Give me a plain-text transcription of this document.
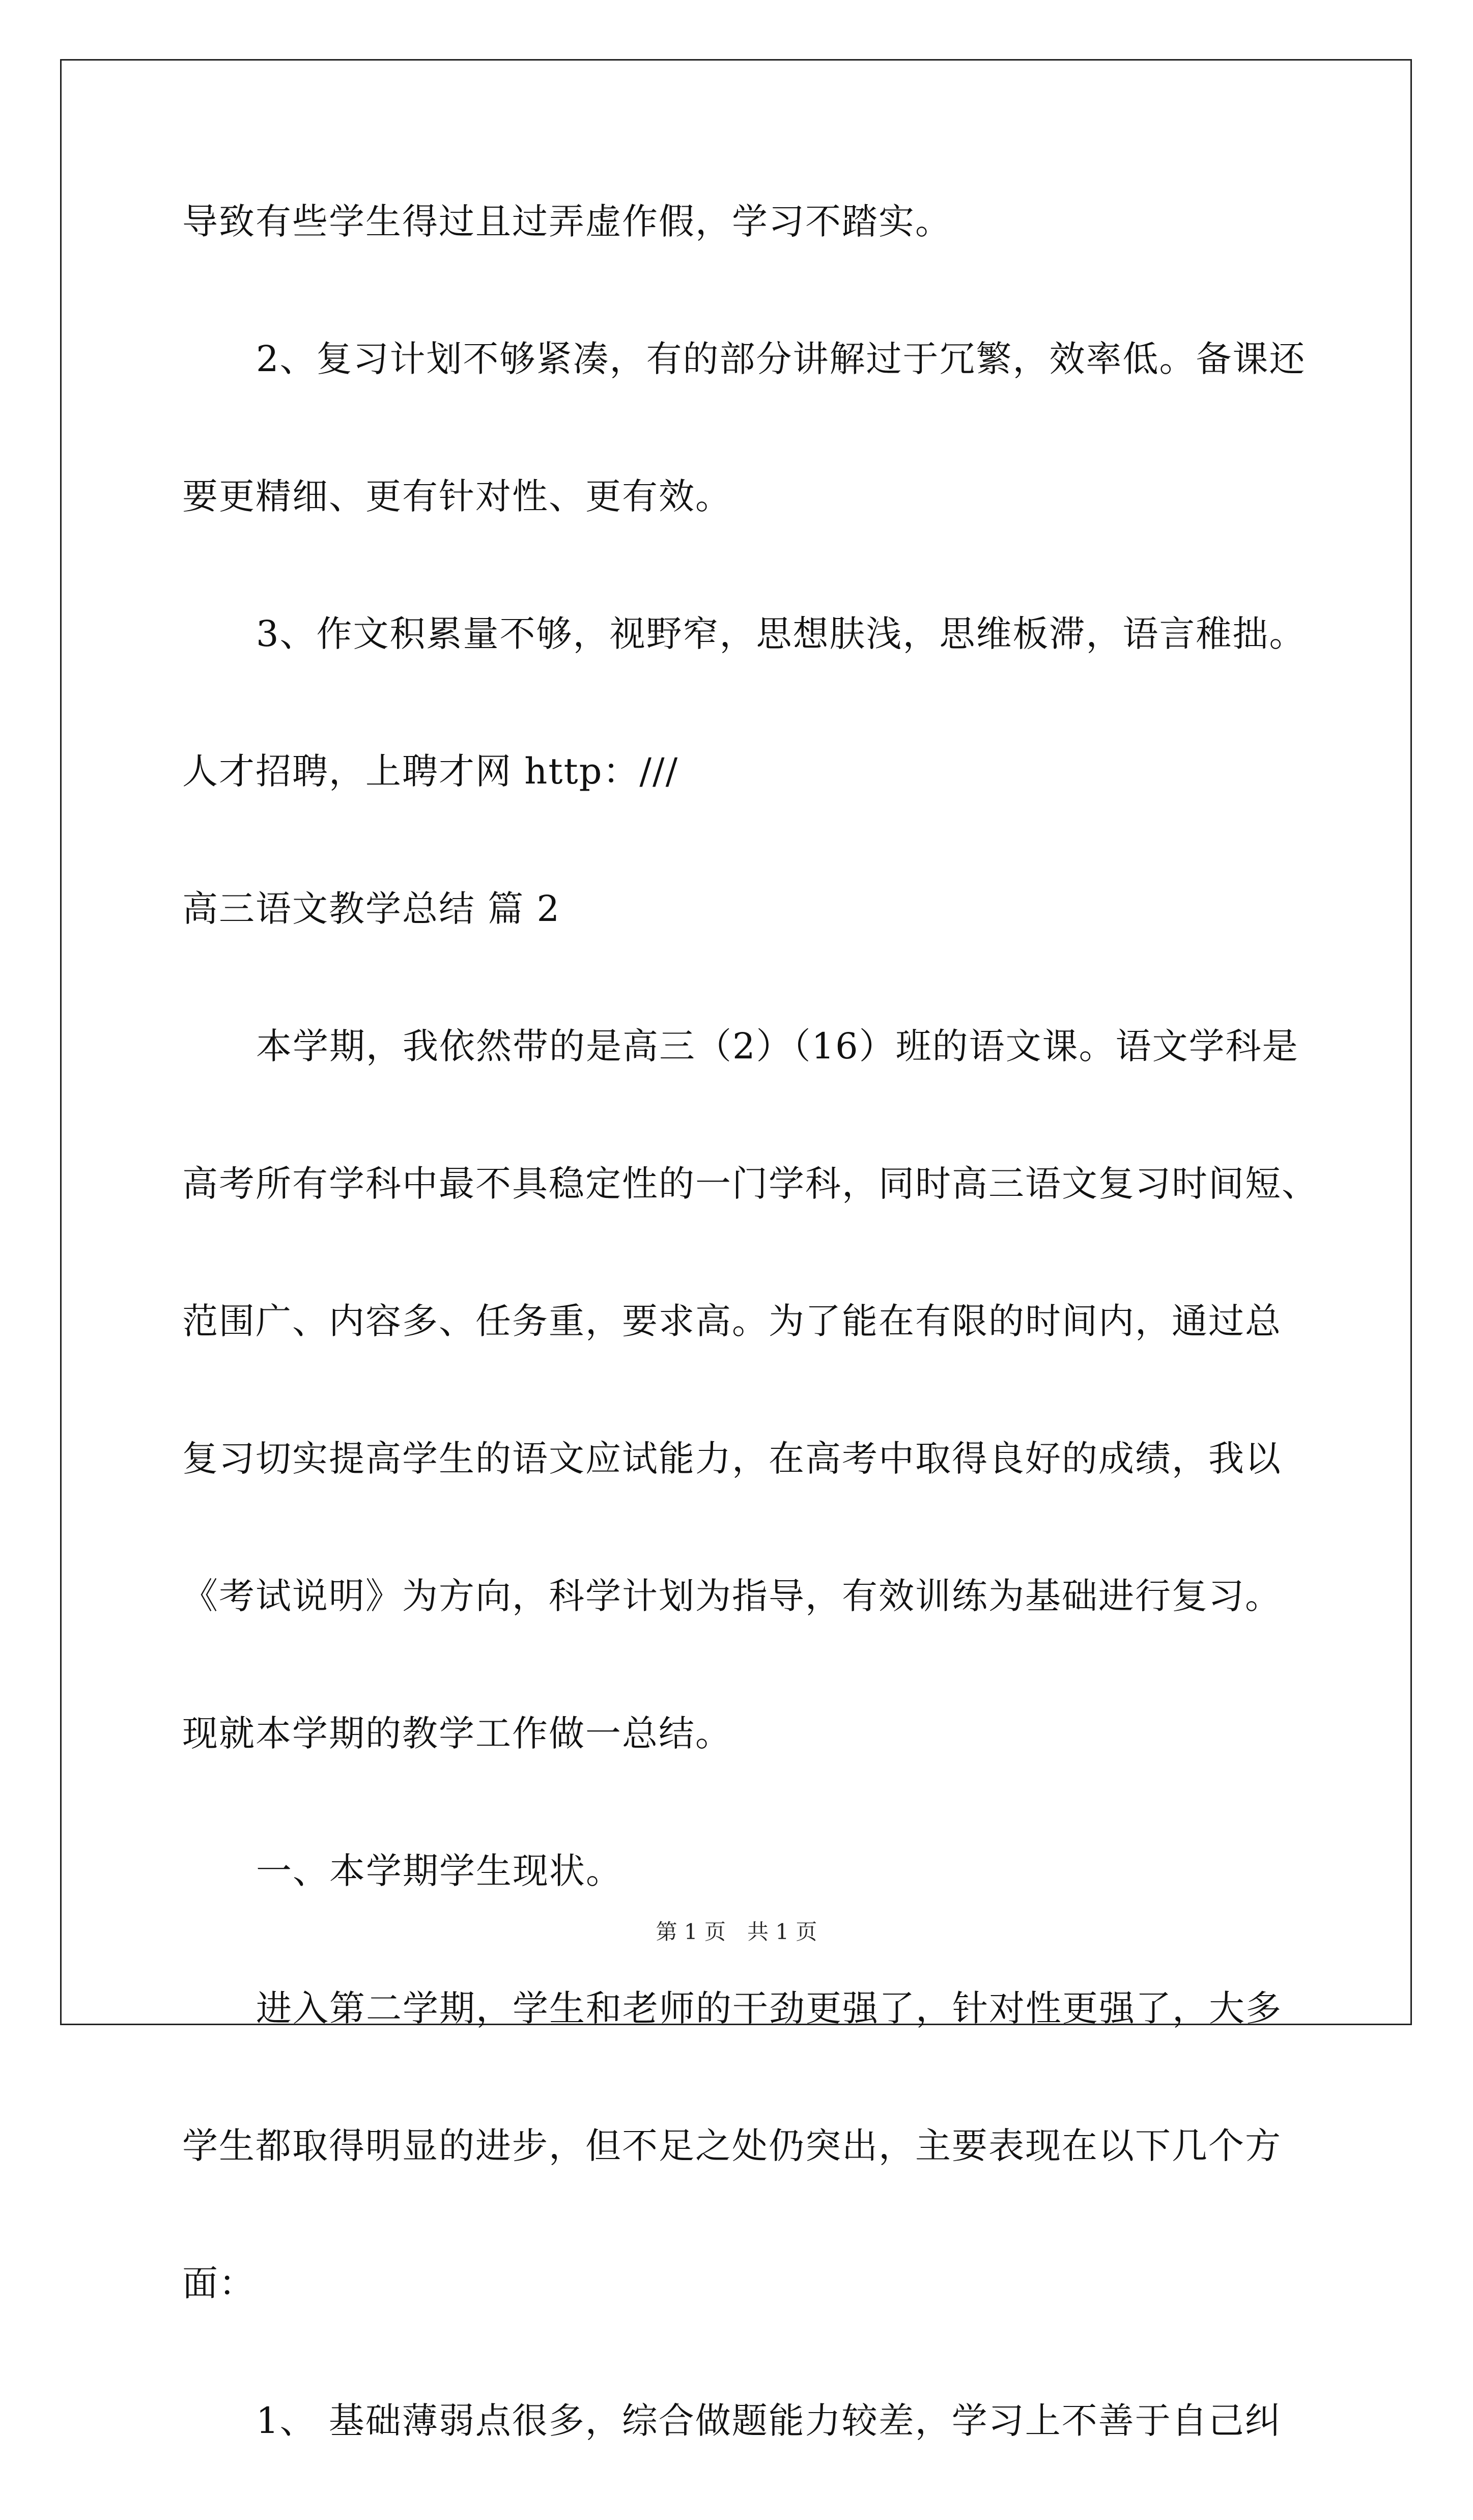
导致有些学生得过且过弄虚作假，学习不踏实。
2、复习计划不够紧凑，有的部分讲解过于冗繁，效率低。备课还
要更精细、更有针对性、更有效。
3、作文积累量不够，视野窄，思想肤浅，思维板滞，语言稚拙。
人才招聘，上聘才网 http：///
高三语文教学总结 篇 2
本学期，我依然带的是高三（2）（16）班的语文课。语文学科是
高考所有学科中最不具稳定性的一门学科，同时高三语文复习时间短、
范围广、内容多、任务重，要求高。为了能在有限的时间内，通过总
复习切实提高学生的语文应试能力，在高考中取得良好的成绩，我以
《考试说明》为方向，科学计划为指导，有效训练为基础进行复习。
现就本学期的教学工作做一总结。
一、本学期学生现状。
进入第二学期，学生和老师的干劲更强了，针对性更强了，大多
学生都取得明显的进步，但不足之处仍突出，主要表现在以下几个方
面：
1、 基础薄弱点很多，综合做题能力较差，学习上不善于自己纠
第 1 页　共 1 页
